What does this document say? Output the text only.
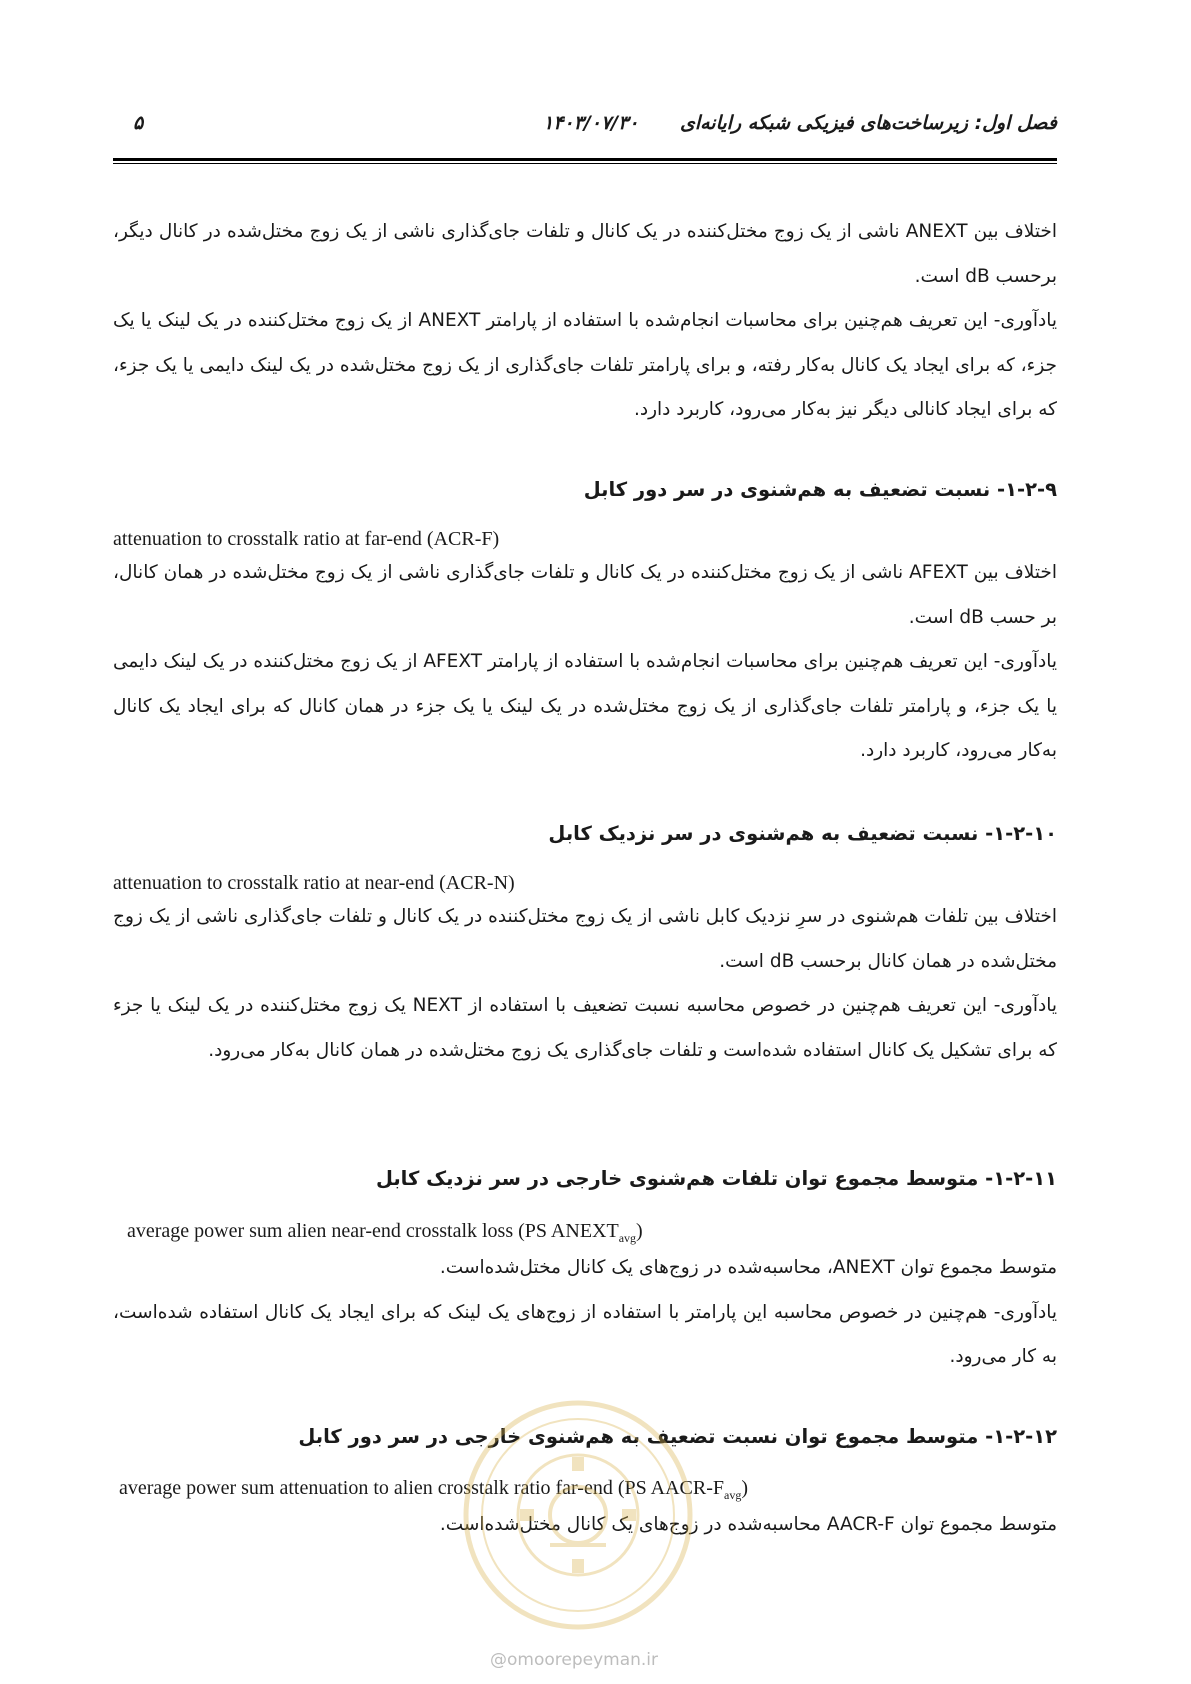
۵	۱۴۰۳/۰۷/۳۰ فصل اول: زیرساخت‌های فیزیکی شبکه رایانه‌ای

اختلاف بین ANEXT ناشی از یک زوج مختل‌کننده در یک کانال و تلفات جای‌گذاری ناشی از یک زوج مختل‌شده در کانال دیگر، برحسب dB است.

یادآوری- این تعریف هم‌چنین برای محاسبات انجام‌شده با استفاده از پارامتر ANEXT از یک زوج مختل‌کننده در یک لینک یا یک جزء، که برای ایجاد یک کانال به‌کار رفته، و برای پارامتر تلفات جای‌گذاری از یک زوج مختل‌شده در یک لینک دایمی یا یک جزء، که برای ایجاد کانالی دیگر نیز به‌کار می‌رود، کاربرد دارد.

۱-۲-۹- نسبت تضعیف به هم‌شنوی در سر دور کابل

attenuation to crosstalk ratio at far-end (ACR-F)

اختلاف بین AFEXT ناشی از یک زوج مختل‌کننده در یک کانال و تلفات جای‌گذاری ناشی از یک زوج مختل‌شده در همان کانال، بر حسب dB است.

یادآوری- این تعریف هم‌چنین برای محاسبات انجام‌شده با استفاده از پارامتر AFEXT از یک زوج مختل‌کننده در یک لینک دایمی یا یک جزء، و پارامتر تلفات جای‌گذاری از یک زوج مختل‌شده در یک لینک یا یک جزء در همان کانال که برای ایجاد یک کانال به‌کار می‌رود، کاربرد دارد.

۱-۲-۱۰- نسبت تضعیف به هم‌شنوی در سر نزدیک کابل

attenuation to crosstalk ratio at near-end (ACR-N)

اختلاف بین تلفات هم‌شنوی در سرِ نزدیک کابل ناشی از یک زوج مختل‌کننده در یک کانال و تلفات جای‌گذاری ناشی از یک زوج مختل‌شده در همان کانال برحسب dB است.

یادآوری- این تعریف هم‌چنین در خصوص محاسبه نسبت تضعیف با استفاده از NEXT یک زوج مختل‌کننده در یک لینک یا جزء که برای تشکیل یک کانال استفاده شده‌است و تلفات جای‌گذاری یک زوج مختل‌شده در همان کانال به‌کار می‌رود.

۱-۲-۱۱- متوسط مجموع توان تلفات هم‌شنوی خارجی در سر نزدیک کابل

average power sum alien near-end crosstalk loss (PS $ANEXT_{avg}$)

متوسط مجموع توان ANEXT، محاسبه‌شده در زوج‌های یک کانال مختل‌شده‌است.

یادآوری- هم‌چنین در خصوص محاسبه این پارامتر با استفاده از زوج‌های یک لینک که برای ایجاد یک کانال استفاده شده‌است، به کار می‌رود.

۱-۲-۱۲- متوسط مجموع توان نسبت تضعیف به هم‌شنوی خارجی در سر دور کابل

average power sum attenuation to alien crosstalk ratio far-end (PS AACR-$F_{avg}$)

متوسط مجموع توان AACR-F محاسبه‌شده در زوج‌های یک کانال مختل‌شده‌است.

@omoorepeyman.ir
